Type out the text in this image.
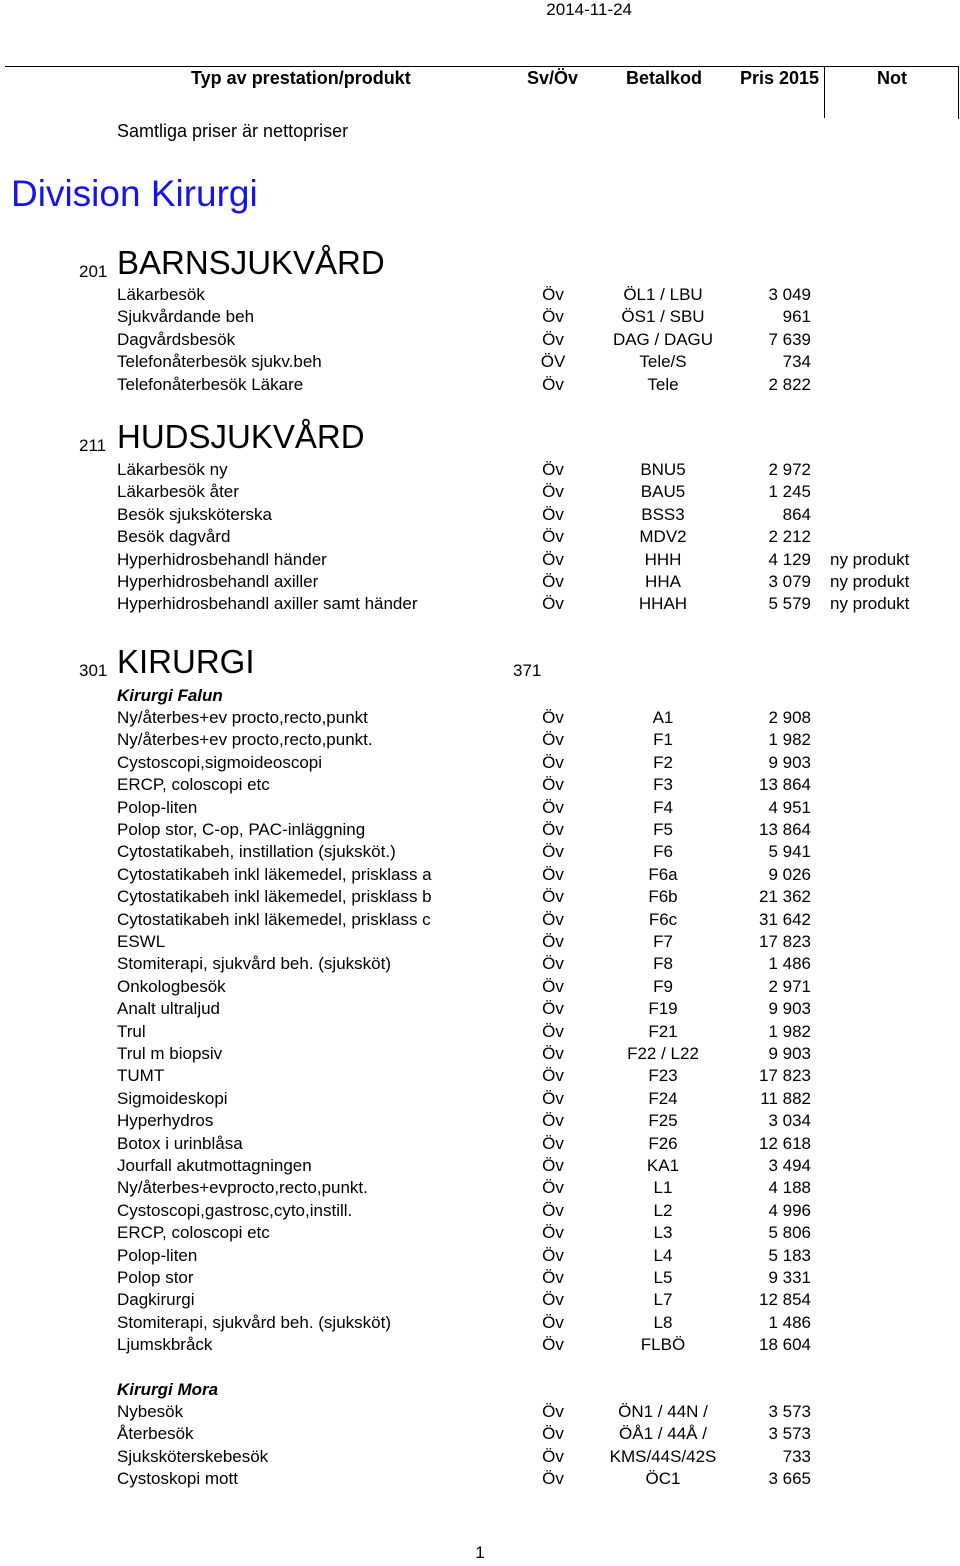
2014-11-24
Typ av prestation/produkt	Sv/Öv	Betalkod Pris 2015	Not
Samtliga priser är nettopriser
Division Kirurgi
201 BARNSJUKVÅRD
Läkarbesök	Öv	ÖL1 / LBU	3 049
Sjukvårdande beh	Öv	ÖS1 / SBU	961
Dagvårdsbesök	Öv	DAG / DAGU	7 639
Telefonåterbesök sjukv.beh	ÖV	Tele/S	734
Telefonåterbesök Läkare	Öv	Tele	2 822
211 HUDSJUKVÅRD
Läkarbesök ny	Öv	BNU5	2 972
Läkarbesök åter	Öv	BAU5	1 245
Besök sjuksköterska	Öv	BSS3	864
Besök dagvård	Öv	MDV2	2 212
Hyperhidrosbehandl händer	Öv	HHH	4 129 ny produkt
Hyperhidrosbehandl axiller	Öv	HHA	3 079 ny produkt
Hyperhidrosbehandl axiller samt händer	Öv	HHAH	5 579 ny produkt
301 KIRURGI	371
Kirurgi Falun
Ny/återbes+ev procto,recto,punkt	Öv	A1	2 908
Ny/återbes+ev procto,recto,punkt.	Öv	F1	1 982
Cystoscopi,sigmoideoscopi	Öv	F2	9 903
ERCP, coloscopi etc	Öv	F3	13 864
Polop-liten	Öv	F4	4 951
Polop stor, C-op, PAC-inläggning	Öv	F5	13 864
Cytostatikabeh, instillation (sjuksköt.)	Öv	F6	5 941
Cytostatikabeh inkl läkemedel, prisklass a	Öv	F6a	9 026
Cytostatikabeh inkl läkemedel, prisklass b	Öv	F6b	21 362
Cytostatikabeh inkl läkemedel, prisklass c	Öv	F6c	31 642
ESWL	Öv	F7	17 823
Stomiterapi, sjukvård beh. (sjuksköt)	Öv	F8	1 486
Onkologbesök	Öv	F9	2 971
Analt ultraljud	Öv	F19	9 903
Trul	Öv	F21	1 982
Trul m biopsiv	Öv	F22 / L22	9 903
TUMT	Öv	F23	17 823
Sigmoideskopi	Öv	F24	11 882
Hyperhydros	Öv	F25	3 034
Botox i urinblåsa	Öv	F26	12 618
Jourfall akutmottagningen	Öv	KA1	3 494
Ny/återbes+evprocto,recto,punkt.	Öv	L1	4 188
Cystoscopi,gastrosc,cyto,instill.	Öv	L2	4 996
ERCP, coloscopi etc	Öv	L3	5 806
Polop-liten	Öv	L4	5 183
Polop stor	Öv	L5	9 331
Dagkirurgi	Öv	L7	12 854
Stomiterapi, sjukvård beh. (sjuksköt)	Öv	L8	1 486
Ljumskbråck	Öv	FLBÖ	18 604
Kirurgi Mora
Nybesök	Öv	ÖN1 / 44N /	3 573
Återbesök	Öv	ÖÅ1 / 44Å /	3 573
Sjuksköterskebesök	Öv	KMS/44S/42S	733
Cystoskopi mott	Öv	ÖC1	3 665
1
